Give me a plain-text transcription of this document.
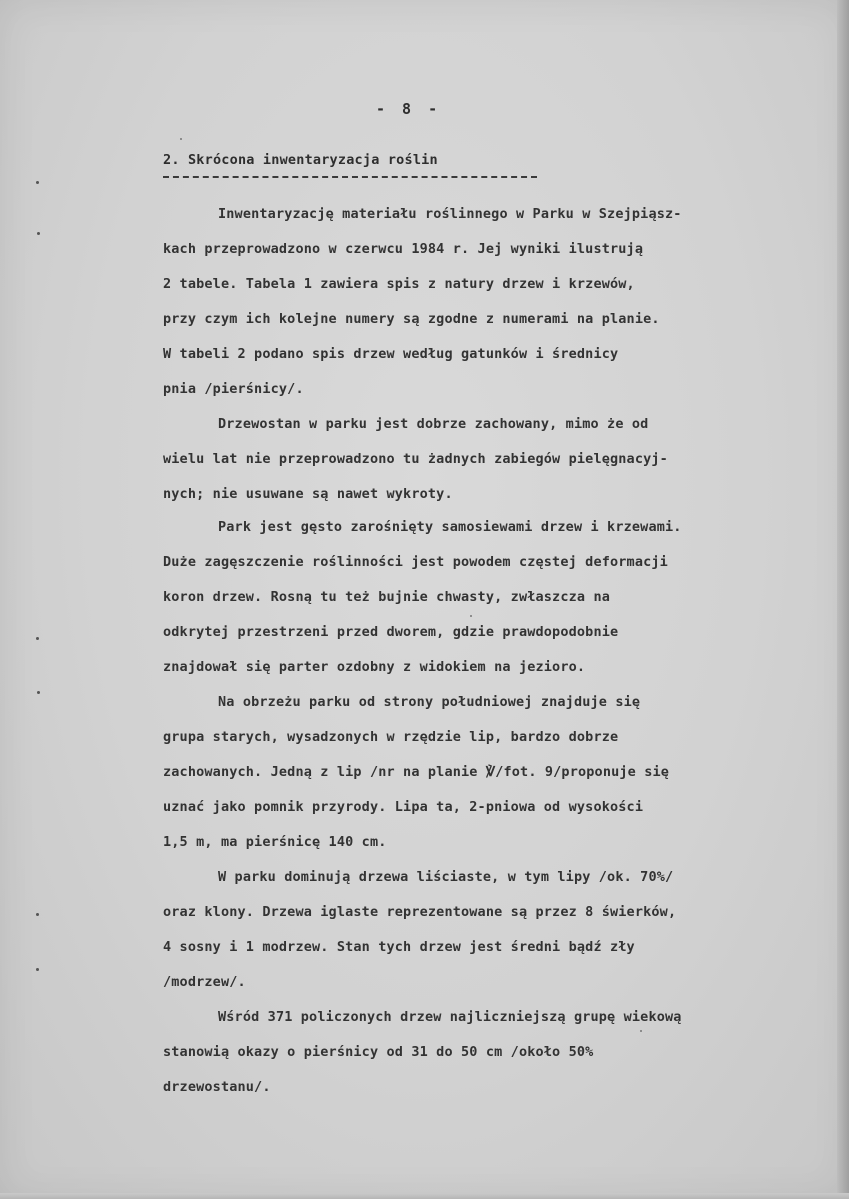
- 8 -
2. Skrócona inwentaryzacja roślin
Inwentaryzację materiału roślinnego w Parku w Szejpiąsz-
kach przeprowadzono w czerwcu 1984 r. Jej wyniki ilustrują
2 tabele. Tabela 1 zawiera spis z natury drzew i krzewów,
przy czym ich kolejne numery są zgodne z numerami na planie.
W tabeli 2 podano spis drzew według gatunków i średnicy
pnia /pierśnicy/.
Drzewostan w parku jest dobrze zachowany, mimo że od
wielu lat nie przeprowadzono tu żadnych zabiegów pielęgnacyj-
nych; nie usuwane są nawet wykroty.
Park jest gęsto zarośnięty samosiewami drzew i krzewami.
Duże zagęszczenie roślinności jest powodem częstej deformacji
koron drzew. Rosną tu też bujnie chwasty, zwłaszcza na
odkrytej przestrzeni przed dworem, gdzie prawdopodobnie
znajdował się parter ozdobny z widokiem na jezioro.
Na obrzeżu parku od strony południowej znajduje się
grupa starych, wysadzonych w rzędzie lip, bardzo dobrze
zachowanych. Jedną z lip /nr na planie ℣/fot. 9/proponuje się
uznać jako pomnik przyrody. Lipa ta, 2-pniowa od wysokości
1,5 m, ma pierśnicę 140 cm.
W parku dominują drzewa liściaste, w tym lipy /ok. 70%/
oraz klony. Drzewa iglaste reprezentowane są przez 8 świerków,
4 sosny i 1 modrzew. Stan tych drzew jest średni bądź zły
/modrzew/.
Wśród 371 policzonych drzew najliczniejszą grupę wiekową
stanowią okazy o pierśnicy od 31 do 50 cm /około 50%
drzewostanu/.
